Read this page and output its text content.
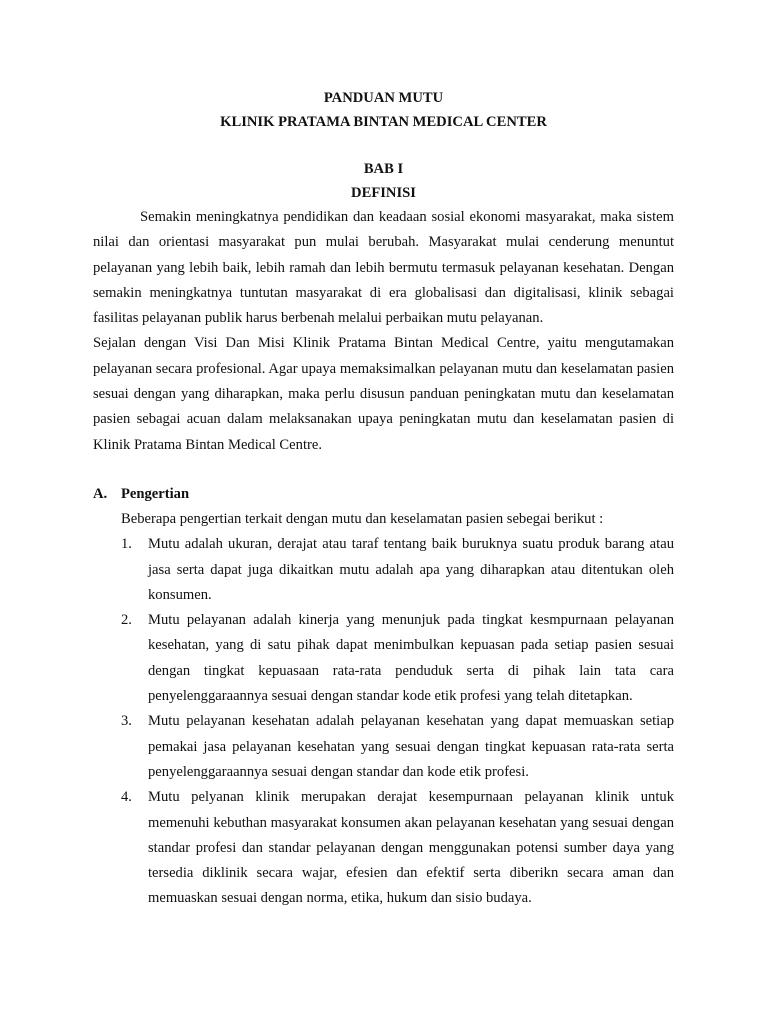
PANDUAN MUTU
KLINIK PRATAMA BINTAN MEDICAL CENTER
BAB I
DEFINISI

Semakin meningkatnya pendidikan dan keadaan sosial ekonomi masyarakat, maka sistem nilai dan orientasi masyarakat pun mulai berubah. Masyarakat mulai cenderung menuntut pelayanan yang lebih baik, lebih ramah dan lebih bermutu termasuk pelayanan kesehatan. Dengan semakin meningkatnya tuntutan masyarakat di era globalisasi dan digitalisasi, klinik sebagai fasilitas pelayanan publik harus berbenah melalui perbaikan mutu pelayanan.

Sejalan dengan Visi Dan Misi Klinik Pratama Bintan Medical Centre, yaitu mengutamakan pelayanan secara profesional. Agar upaya memaksimalkan pelayanan mutu dan keselamatan pasien sesuai dengan yang diharapkan, maka perlu disusun panduan peningkatan mutu dan keselamatan pasien sebagai acuan dalam melaksanakan upaya peningkatan mutu dan keselamatan pasien di Klinik Pratama Bintan Medical Centre.

A. Pengertian
Beberapa pengertian terkait dengan mutu dan keselamatan pasien sebegai berikut :
1.	Mutu adalah ukuran, derajat atau taraf tentang baik buruknya suatu produk barang atau jasa serta dapat juga dikaitkan mutu adalah apa yang diharapkan atau ditentukan oleh konsumen.
2.	Mutu pelayanan adalah kinerja yang menunjuk pada tingkat kesmpurnaan pelayanan kesehatan, yang di satu pihak dapat menimbulkan kepuasan pada setiap pasien sesuai dengan tingkat kepuasaan rata-rata penduduk serta di pihak lain tata cara penyelenggaraannya sesuai dengan standar kode etik profesi yang telah ditetapkan.
3.	Mutu pelayanan kesehatan adalah pelayanan kesehatan yang dapat memuaskan setiap pemakai jasa pelayanan kesehatan yang sesuai dengan tingkat kepuasan rata-rata serta penyelenggaraannya sesuai dengan standar dan kode etik profesi.
4.	Mutu pelyanan klinik merupakan derajat kesempurnaan pelayanan klinik untuk memenuhi kebuthan masyarakat konsumen akan pelayanan kesehatan yang sesuai dengan standar profesi dan standar pelayanan dengan menggunakan potensi sumber daya yang tersedia diklinik secara wajar, efesien dan efektif serta diberikn secara aman dan memuaskan sesuai dengan norma, etika, hukum dan sisio budaya.
